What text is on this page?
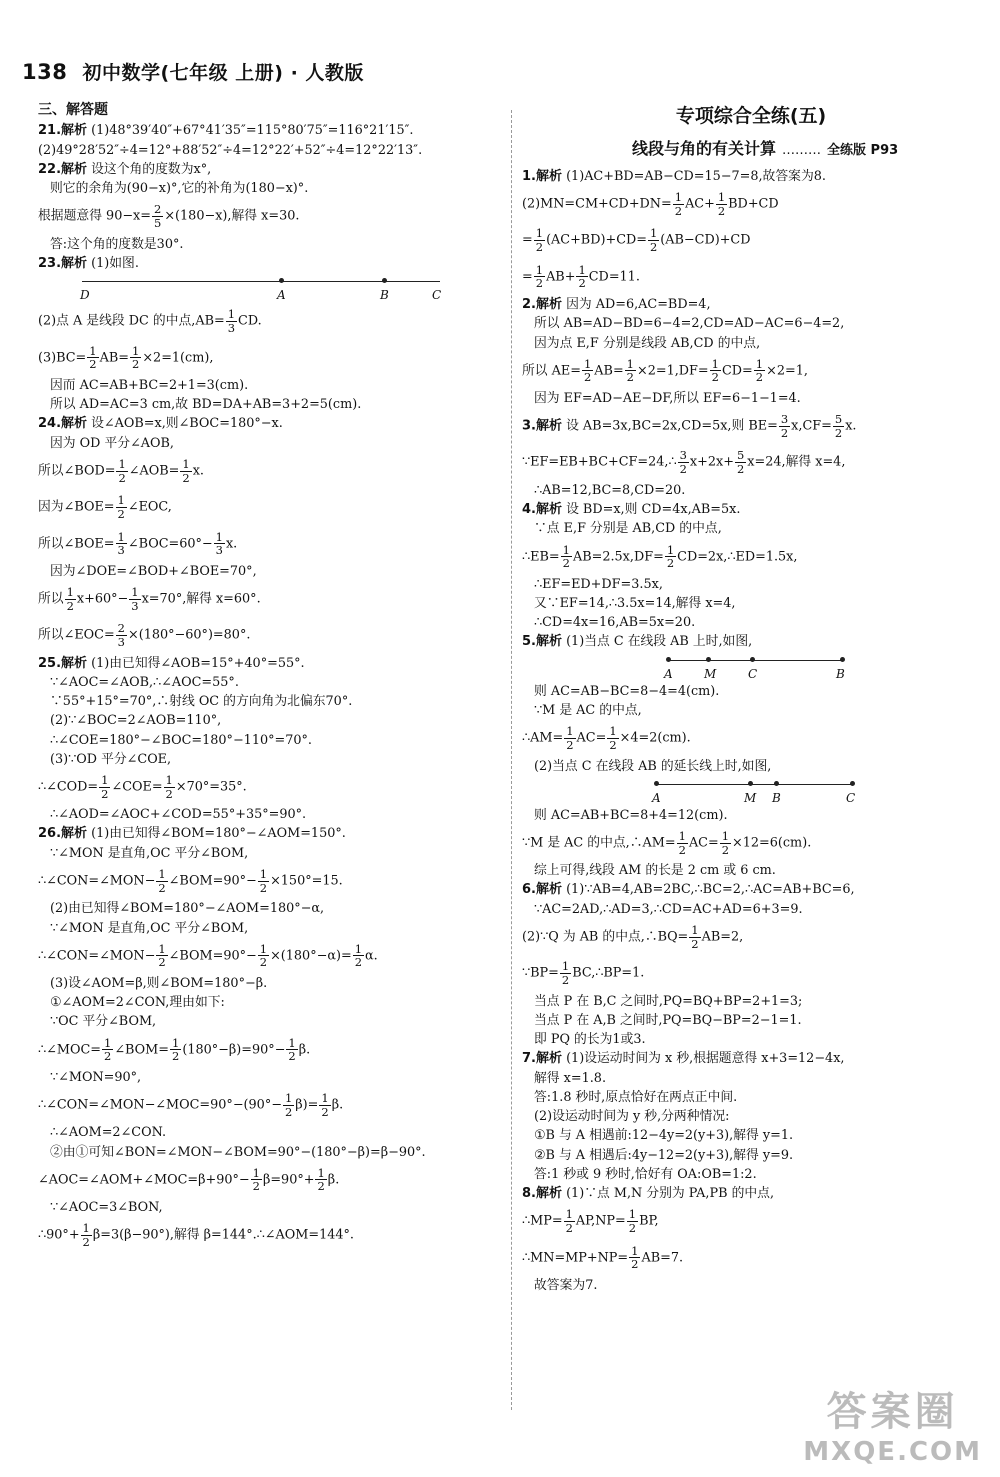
138 初中数学(七年级 上册) · 人教版
三、解答题
21.解析 (1)48°39′40″+67°41′35″=115°80′75″=116°21′15″.
(2)49°28′52″÷4=12°+88′52″÷4=12°22′+52″÷4=12°22′13″.
22.解析 设这个角的度数为x°,
则它的余角为(90−x)°,它的补角为(180−x)°.
根据题意得 $90-x= \frac{2}{5} \times(180-x)$,解得 x=30.
答:这个角的度数是30°.
23.解析 (1)如图.
D	A	B	C
(2)点 A 是线段 DC 的中点$,AB= \frac{1}{3}$ CD.
$(3)BC= \frac{1}{2} AB= \frac{1}{2} \times 2=1(cm)$,
因而 AC=AB+BC=2+1=3(cm).
所以 AD=AC=3 cm,故 BD=DA+AB=3+2=5(cm).
24.解析 设∠AOB=x,则∠BOC=180°−x.
因为 OD 平分∠AOB,
所以∠BOD= $\frac{1}{2}$ ∠AOB= $\frac{1}{2} x$.
因为∠BOE= $\frac{1}{2}$ ∠EOC,
所以∠BOE= $\frac{1}{3}$ ∠BOC=60°− $\frac{1}{3} x$.
因为∠DOE=∠BOD+∠BOE=70°,
所以 $\frac{1}{2} x+60^\circ- \frac{1}{3} x=70^\circ$,解得 x=60°.
所以∠EOC= $\frac{2}{3} \times(180^\circ-60^\circ)=80^\circ$.
25.解析 (1)由已知得∠AOB=15°+40°=55°.
∵∠AOC=∠AOB,∴∠AOC=55°.
∵55°+15°=70°,∴射线 OC 的方向角为北偏东70°.
(2)∵∠BOC=2∠AOB=110°,
∴∠COE=180°−∠BOC=180°−110°=70°.
(3)∵OD 平分∠COE,
∴∠COD= $\frac{1}{2}$ ∠COE= $\frac{1}{2} \times 70^\circ=35^\circ$.
∴∠AOD=∠AOC+∠COD=55°+35°=90°.
26.解析 (1)由已知得∠BOM=180°−∠AOM=150°.
∵∠MON 是直角,OC 平分∠BOM,
∴∠CON=∠MON− $\frac{1}{2}$ ∠BOM=90°− $\frac{1}{2} \times 150^\circ=15$.
(2)由已知得∠BOM=180°−∠AOM=180°−α,
∵∠MON 是直角,OC 平分∠BOM,
∴∠CON=∠MON− $\frac{1}{2}$ ∠BOM=90°− $\frac{1}{2} \times(180^\circ-\alpha)= \frac{1}{2} \alpha$.
(3)设∠AOM=β,则∠BOM=180°−β.
①∠AOM=2∠CON,理由如下:
∵OC 平分∠BOM,
∴∠MOC= $\frac{1}{2}$ ∠BOM= $\frac{1}{2} (180^\circ-\beta)=90^\circ- \frac{1}{2} \beta$.
∵∠MON=90°,
∴∠CON=∠MON−∠MOC=90°−(90°− $\frac{1}{2} \beta)= \frac{1}{2} \beta$.
∴∠AOM=2∠CON.
②由①可知∠BON=∠MON−∠BOM=90°−(180°−β)=β−90°.
∠AOC=∠AOM+∠MOC=β+90°− $\frac{1}{2} \beta=90^\circ+ \frac{1}{2} \beta$.
∵∠AOC=3∠BON,
∴90°+ $\frac{1}{2} \beta=3(\beta-90^\circ)$,解得 β=144°.∴∠AOM=144°.
专项综合全练(五)
线段与角的有关计算 ……… 全练版 P93
1.解析 (1)AC+BD=AB−CD=15−7=8,故答案为8.
$(2)MN=CM+CD+DN= \frac{1}{2} AC+ \frac{1}{2} BD+CD$
= $\frac{1}{2} (AC+BD)+CD= \frac{1}{2} (AB-CD)+CD$
= $\frac{1}{2} AB+ \frac{1}{2} CD=11$.
2.解析 因为 AD=6,AC=BD=4,
所以 AB=AD−BD=6−4=2,CD=AD−AC=6−4=2,
因为点 E,F 分别是线段 AB,CD 的中点,
所以 $AE= \frac{1}{2} AB= \frac{1}{2} \times 2=1,DF= \frac{1}{2} CD= \frac{1}{2} \times 2=1$,
因为 EF=AD−AE−DF,所以 EF=6−1−1=4.
3.解析 设 AB=3x,BC=2x,CD=5x,则 $BE= \frac{3}{2} x,CF= \frac{5}{2} x$.
∵EF=EB+BC+CF=24,∴ $\frac{3}{2} x+2x+ \frac{5}{2} x=24$,解得 x=4,
∴AB=12,BC=8,CD=20.
4.解析 设 BD=x,则 CD=4x,AB=5x.
∵点 E,F 分别是 AB,CD 的中点,
∴EB= $\frac{1}{2} AB=2.5x,DF= \frac{1}{2}$ CD=2x,∴ED=1.5x,
∴EF=ED+DF=3.5x,
又∵EF=14,∴3.5x=14,解得 x=4,
∴CD=4x=16,AB=5x=20.
5.解析 (1)当点 C 在线段 AB 上时,如图,
A	M	C	B
则 AC=AB−BC=8−4=4(cm).
∵M 是 AC 的中点,
∴AM= $\frac{1}{2} AC= \frac{1}{2} \times 4=2(cm)$.
(2)当点 C 在线段 AB 的延长线上时,如图,
A	M B	C
则 AC=AB+BC=8+4=12(cm).
∵M 是 AC 的中点,∴AM= $\frac{1}{2} AC= \frac{1}{2} \times 12=6(cm)$.
综上可得,线段 AM 的长是 2 cm 或 6 cm.
6.解析 (1)∵AB=4,AB=2BC,∴BC=2,∴AC=AB+BC=6,
∵AC=2AD,∴AD=3,∴CD=AC+AD=6+3=9.
(2)∵Q 为 AB 的中点,∴BQ= $\frac{1}{2} AB=2$,
∵BP= $\frac{1}{2}$ BC,∴BP=1.
当点 P 在 B,C 之间时,PQ=BQ+BP=2+1=3;
当点 P 在 A,B 之间时,PQ=BQ−BP=2−1=1.
即 PQ 的长为1或3.
7.解析 (1)设运动时间为 x 秒,根据题意得 x+3=12−4x,
解得 x=1.8.
答:1.8 秒时,原点恰好在两点正中间.
(2)设运动时间为 y 秒,分两种情况:
①B 与 A 相遇前:12−4y=2(y+3),解得 y=1.
②B 与 A 相遇后:4y−12=2(y+3),解得 y=9.
答:1 秒或 9 秒时,恰好有 OA:OB=1:2.
8.解析 (1)∵点 M,N 分别为 PA,PB 的中点,
∴MP= $\frac{1}{2} AP,NP= \frac{1}{2}$ BP,
∴MN=MP+NP= $\frac{1}{2} AB=7$.
故答案为7.
答案圈
MXQE.COM
